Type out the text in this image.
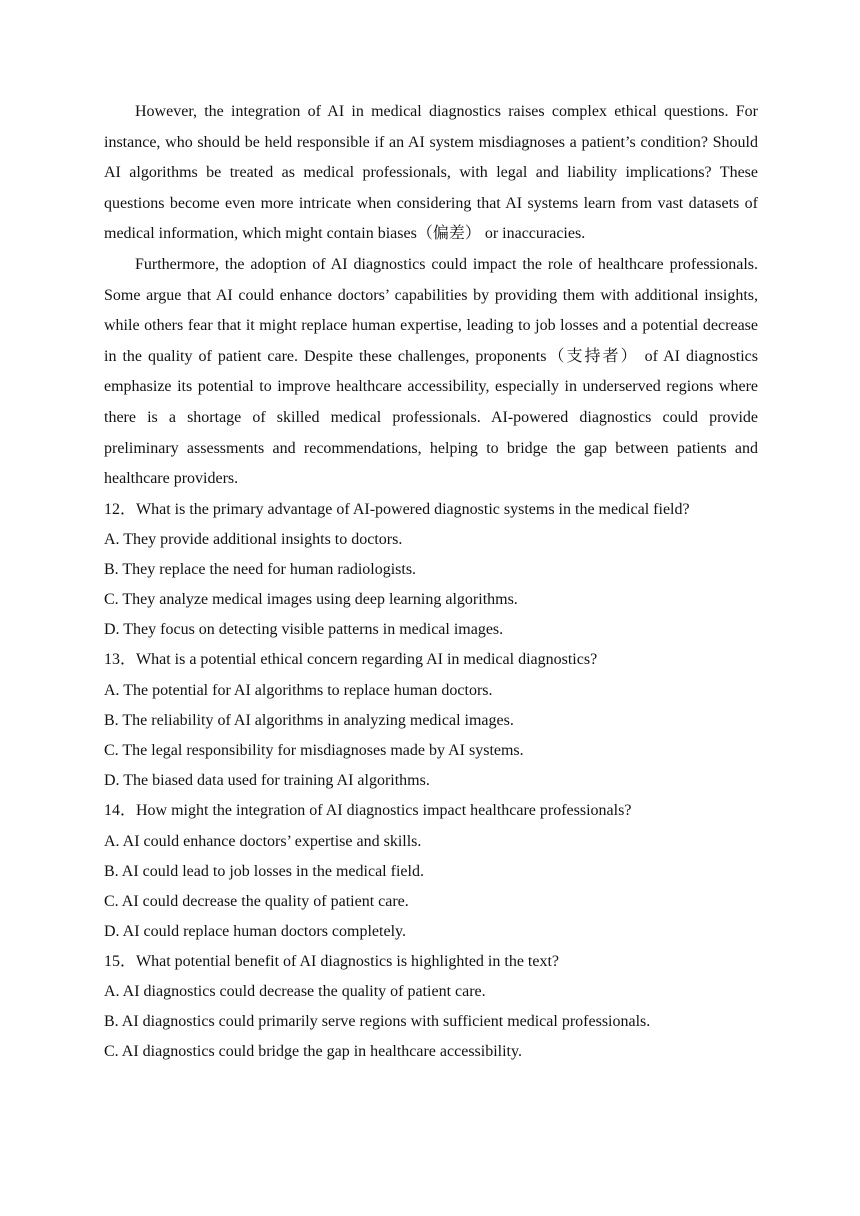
However, the integration of AI in medical diagnostics raises complex ethical questions. For instance, who should be held responsible if an AI system misdiagnoses a patient’s condition? Should AI algorithms be treated as medical professionals, with legal and liability implications? These questions become even more intricate when considering that AI systems learn from vast datasets of medical information, which might contain biases（偏差） or inaccuracies.

Furthermore, the adoption of AI diagnostics could impact the role of healthcare professionals. Some argue that AI could enhance doctors’ capabilities by providing them with additional insights, while others fear that it might replace human expertise, leading to job losses and a potential decrease in the quality of patient care. Despite these challenges, proponents（支持者） of AI diagnostics emphasize its potential to improve healthcare accessibility, especially in underserved regions where there is a shortage of skilled medical professionals. AI-powered diagnostics could provide preliminary assessments and recommendations, helping to bridge the gap between patients and healthcare providers.

12．What is the primary advantage of AI-powered diagnostic systems in the medical field?

A. They provide additional insights to doctors.

B. They replace the need for human radiologists.

C. They analyze medical images using deep learning algorithms.

D. They focus on detecting visible patterns in medical images.

13．What is a potential ethical concern regarding AI in medical diagnostics?

A. The potential for AI algorithms to replace human doctors.

B. The reliability of AI algorithms in analyzing medical images.

C. The legal responsibility for misdiagnoses made by AI systems.

D. The biased data used for training AI algorithms.

14．How might the integration of AI diagnostics impact healthcare professionals?

A. AI could enhance doctors’ expertise and skills.

B. AI could lead to job losses in the medical field.

C. AI could decrease the quality of patient care.

D. AI could replace human doctors completely.

15．What potential benefit of AI diagnostics is highlighted in the text?

A. AI diagnostics could decrease the quality of patient care.

B. AI diagnostics could primarily serve regions with sufficient medical professionals.

C. AI diagnostics could bridge the gap in healthcare accessibility.
